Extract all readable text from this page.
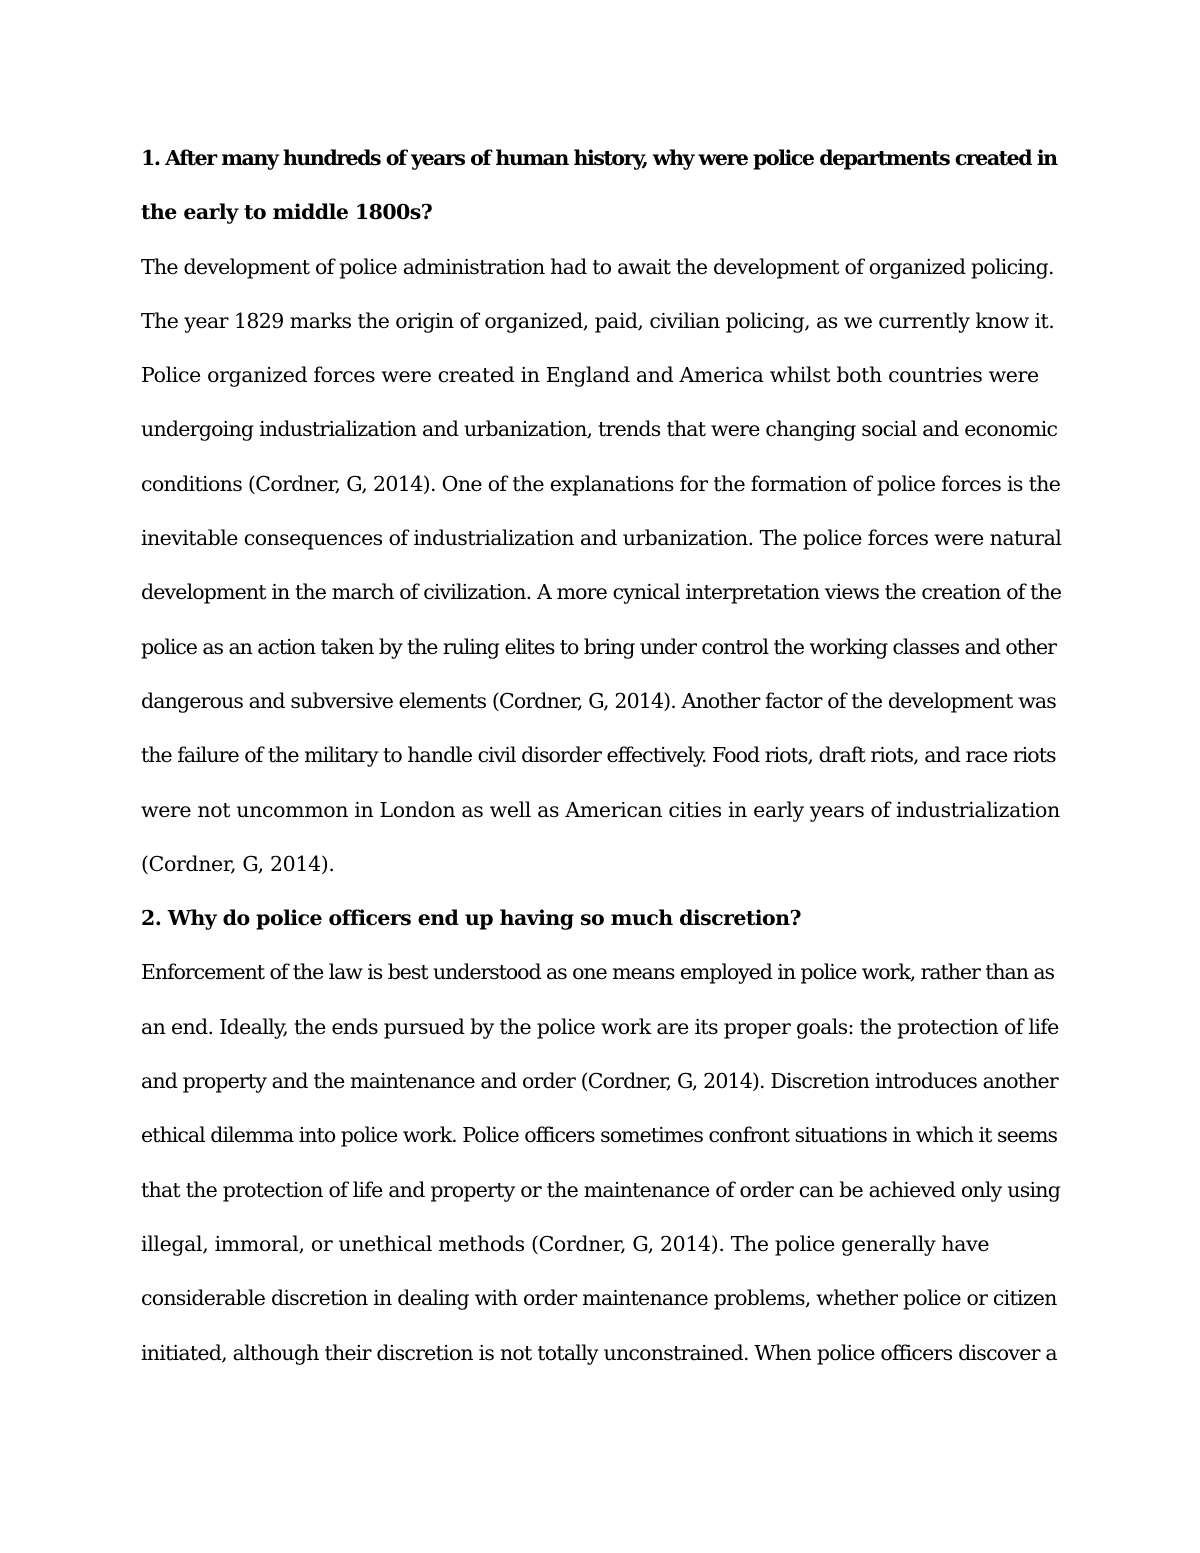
1. After many hundreds of years of human history, why were police departments created in
the early to middle 1800s?
The development of police administration had to await the development of organized policing.
The year 1829 marks the origin of organized, paid, civilian policing, as we currently know it.
Police organized forces were created in England and America whilst both countries were
undergoing industrialization and urbanization, trends that were changing social and economic
conditions (Cordner, G, 2014). One of the explanations for the formation of police forces is the
inevitable consequences of industrialization and urbanization. The police forces were natural
development in the march of civilization. A more cynical interpretation views the creation of the
police as an action taken by the ruling elites to bring under control the working classes and other
dangerous and subversive elements (Cordner, G, 2014). Another factor of the development was
the failure of the military to handle civil disorder effectively. Food riots, draft riots, and race riots
were not uncommon in London as well as American cities in early years of industrialization
(Cordner, G, 2014).
2. Why do police officers end up having so much discretion?
Enforcement of the law is best understood as one means employed in police work, rather than as
an end. Ideally, the ends pursued by the police work are its proper goals: the protection of life
and property and the maintenance and order (Cordner, G, 2014). Discretion introduces another
ethical dilemma into police work. Police officers sometimes confront situations in which it seems
that the protection of life and property or the maintenance of order can be achieved only using
illegal, immoral, or unethical methods (Cordner, G, 2014). The police generally have
considerable discretion in dealing with order maintenance problems, whether police or citizen
initiated, although their discretion is not totally unconstrained. When police officers discover a
